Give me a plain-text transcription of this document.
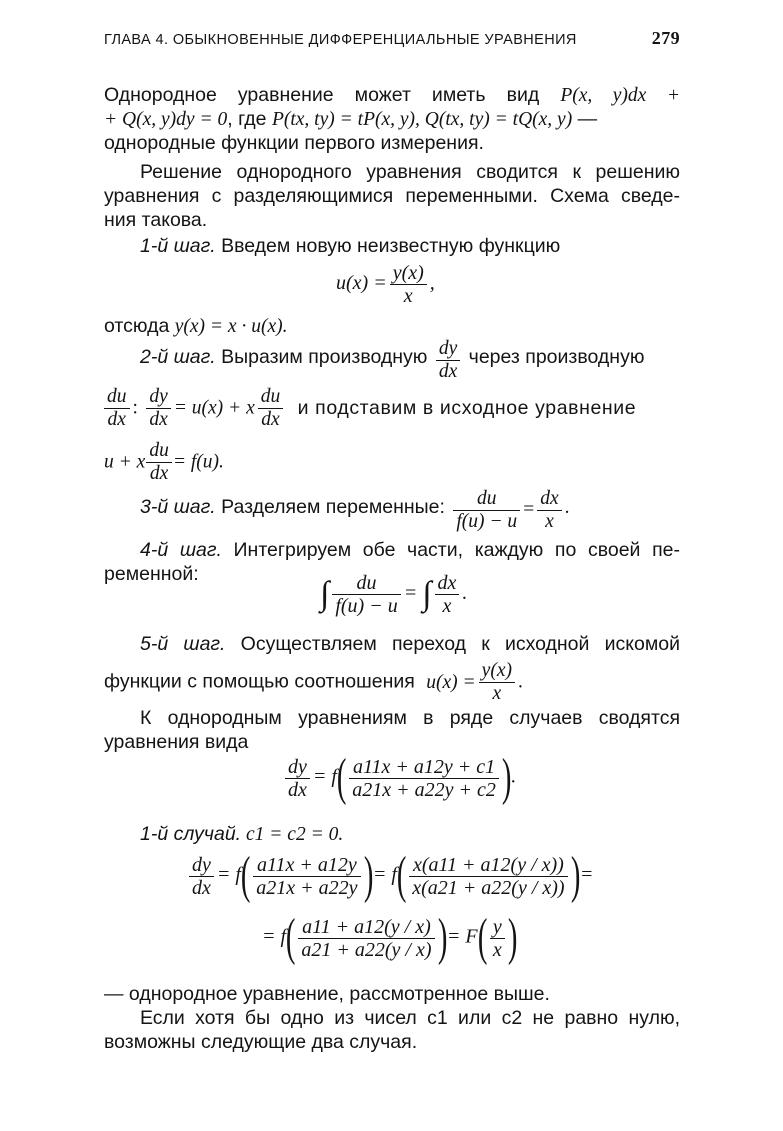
ГЛАВА 4. ОБЫКНОВЕННЫЕ ДИФФЕРЕНЦИАЛЬНЫЕ УРАВНЕНИЯ	279
Однородное уравнение может иметь вид P(x, y)dx +
+ Q(x, y)dy = 0, где P(tx, ty) = tP(x, y), Q(tx, ty) = tQ(x, y) —
однородные функции первого измерения.
Решение однородного уравнения сводится к решению
уравнения с разделяющимися переменными. Схема сведе-
ния такова.
1-й шаг. Введем новую неизвестную функцию
$u(x) = \frac{y(x)}{x}$ ,
отсюда y(x) = x · u(x).
2-й шаг. Выразим производную $\frac{dy}{dx}$ через производную
$\frac{du}{dx}$ : $\frac{dy}{dx} = u(x) + x \frac{du}{dx}$ и подставим в исходное уравнение
u + x $\frac{du}{dx} = f(u)$.
3-й шаг. Разделяем переменные: $\frac{du}{f(u) - u} = \frac{dx}{x}$ .
4-й шаг. Интегрируем обе части, каждую по своей пе-
ременной:
∫ $\frac{du}{f(u) - u}$ = ∫ $\frac{dx}{x}$ .
5-й шаг. Осуществляем переход к исходной искомой
функции с помощью соотношения $u(x) = \frac{y(x)}{x}$ .
К однородным уравнениям в ряде случаев сводятся
уравнения вида
$\frac{dy}{dx} = f( \frac{a11x + a12y + c1}{a21x + a22y + c2}$ ).
1-й случай. c1 = c2 = 0.
$\frac{dy}{dx} = f( \frac{a11x + a12y}{a21x + a22y}$ )= $f( \frac{x(a11 + a12(y / x))}{x(a21 + a22(y / x))}$ )=
= $f( \frac{a11 + a12(y / x)}{a21 + a22(y / x)}$ )= $F( \frac{y}{x}$ )
— однородное уравнение, рассмотренное выше.
Если хотя бы одно из чисел c1 или c2 не равно нулю,
возможны следующие два случая.
